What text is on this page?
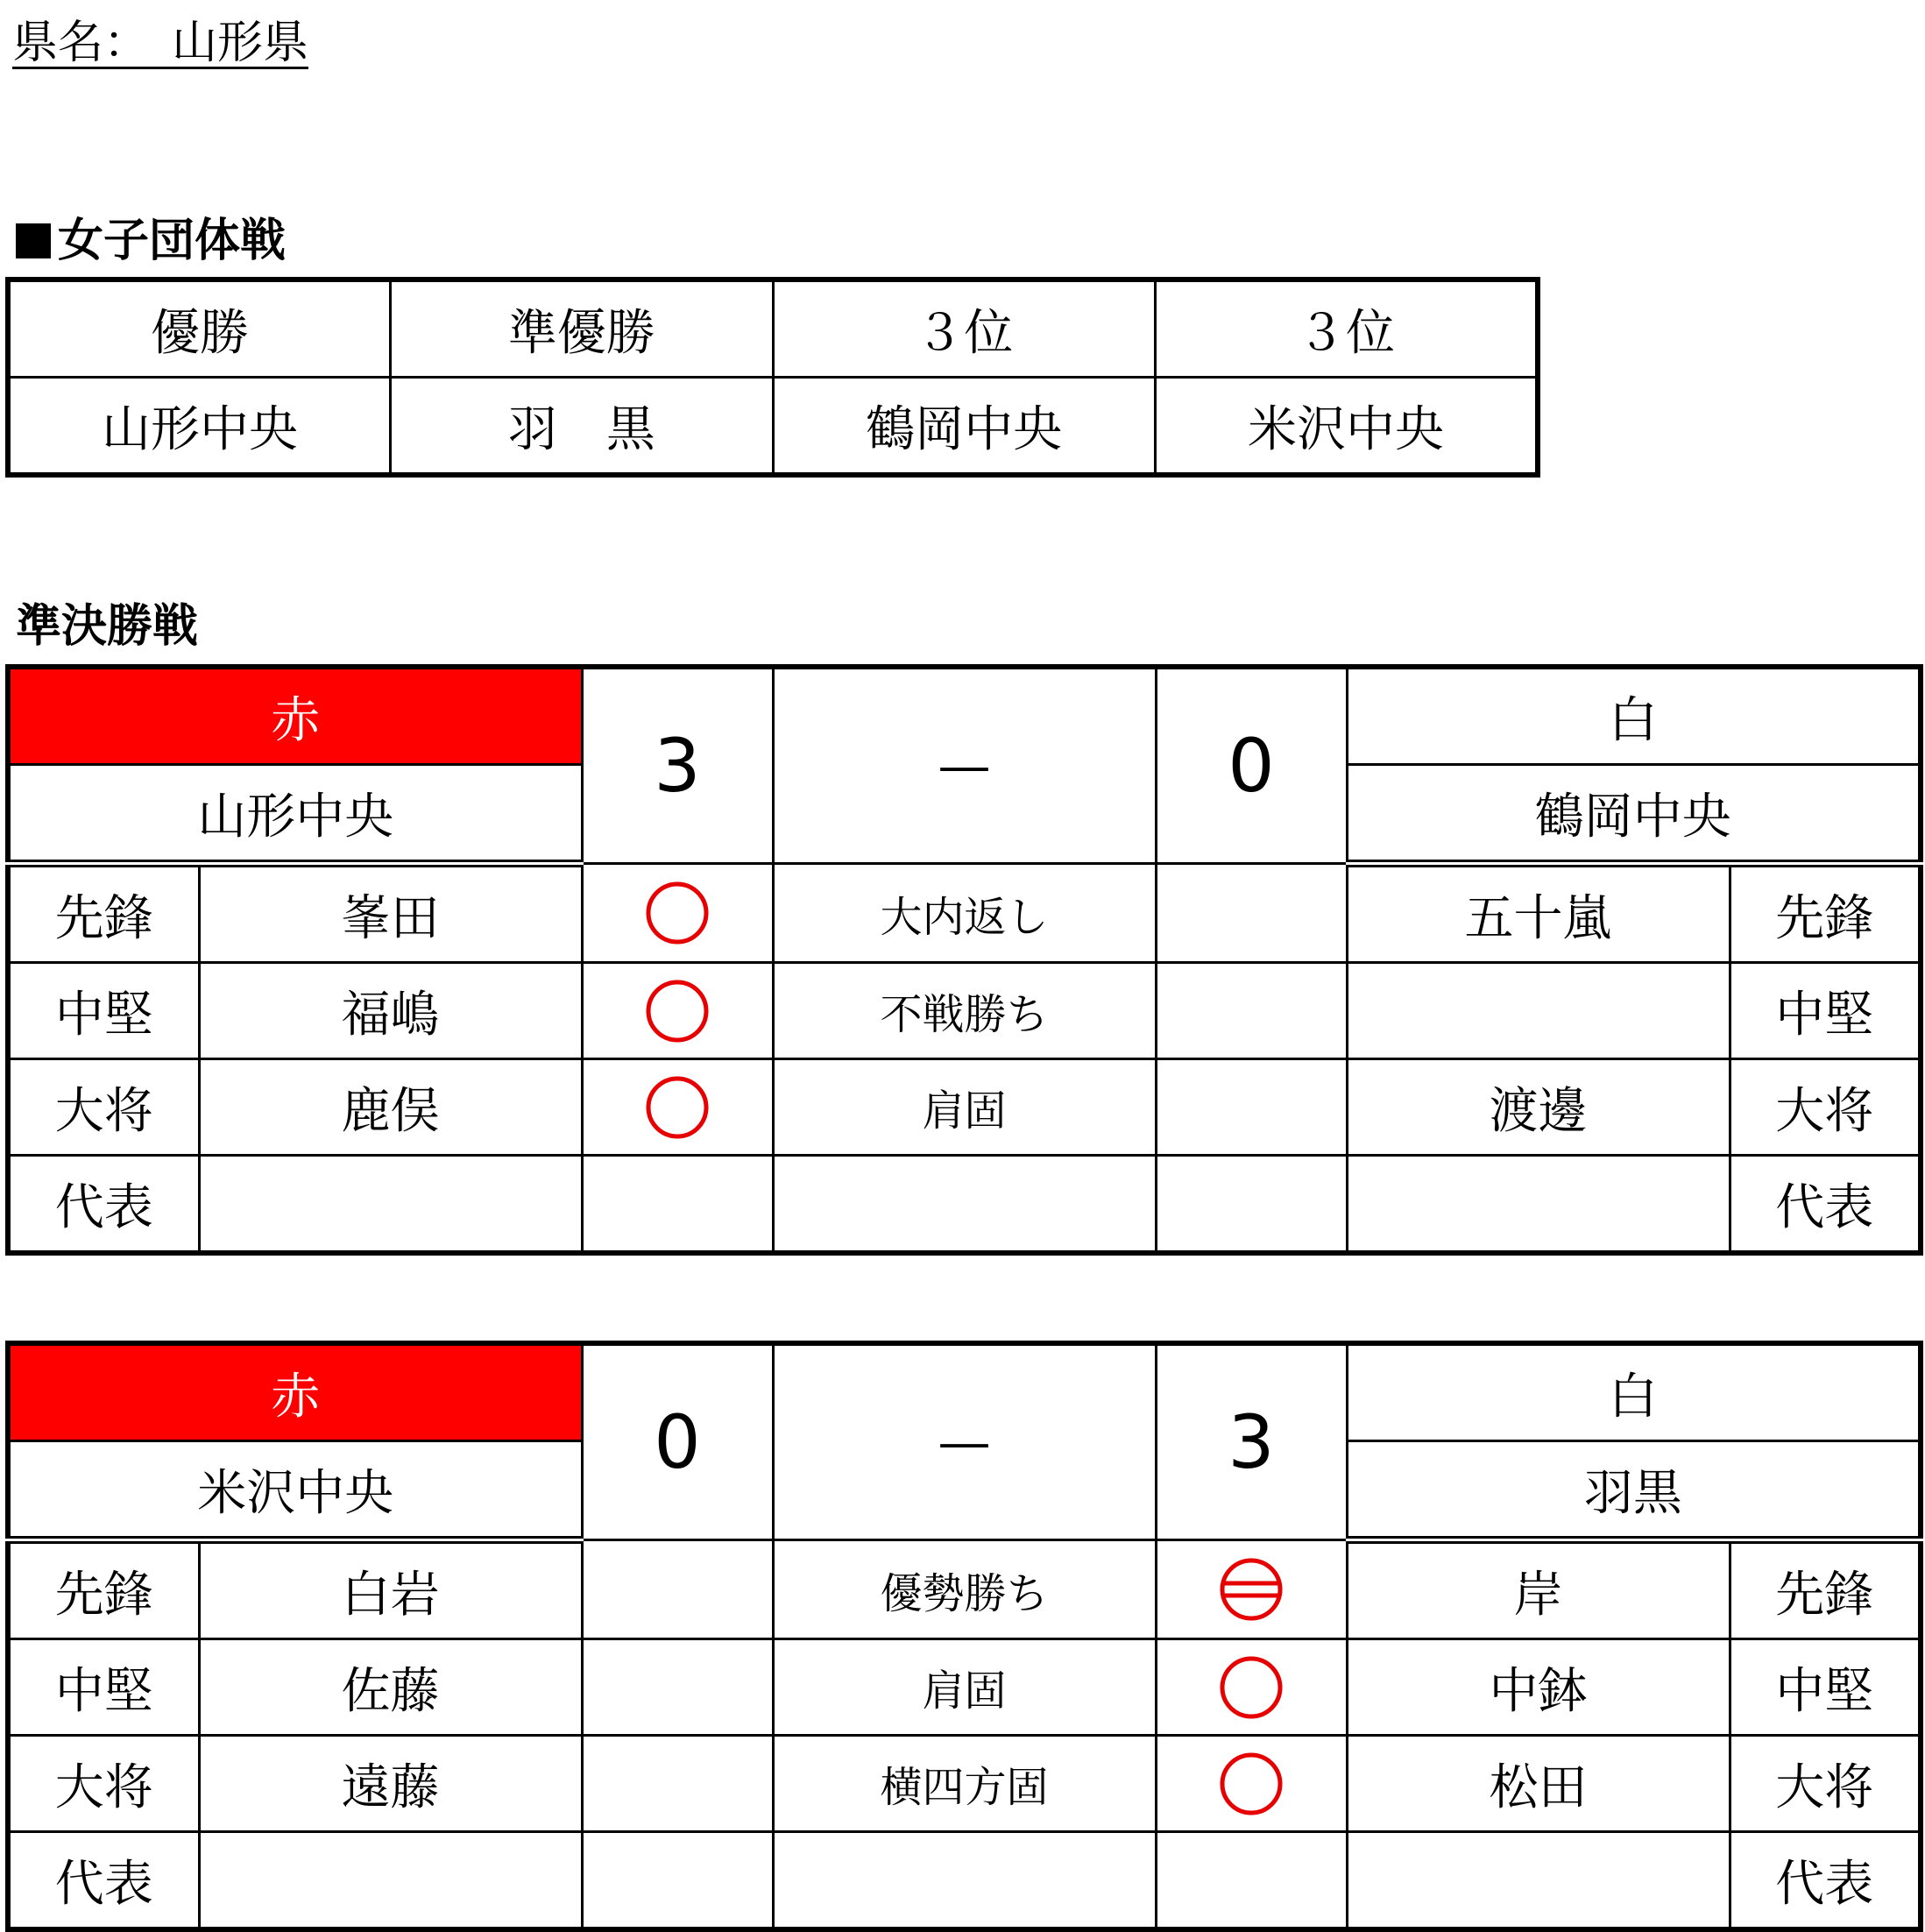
県名：　山形県
女子団体戦
優勝	準優勝	３位	３位
山形中央	羽　黒	鶴岡中央	米沢中央
準決勝戦
赤		3	—	0	白	
山形中央					鶴岡中央	
先鋒	峯田		大内返し		五十嵐	先鋒
中堅	福嶋		不戦勝ち			中堅
大将	鹿俣		肩固		渡邊	大将
代表						代表
赤		0	—	3	白	
米沢中央					羽黒	
先鋒	白岩		優勢勝ち		岸	先鋒
中堅	佐藤		肩固		中鉢	中堅
大将	遠藤		横四方固		松田	大将
代表						代表
